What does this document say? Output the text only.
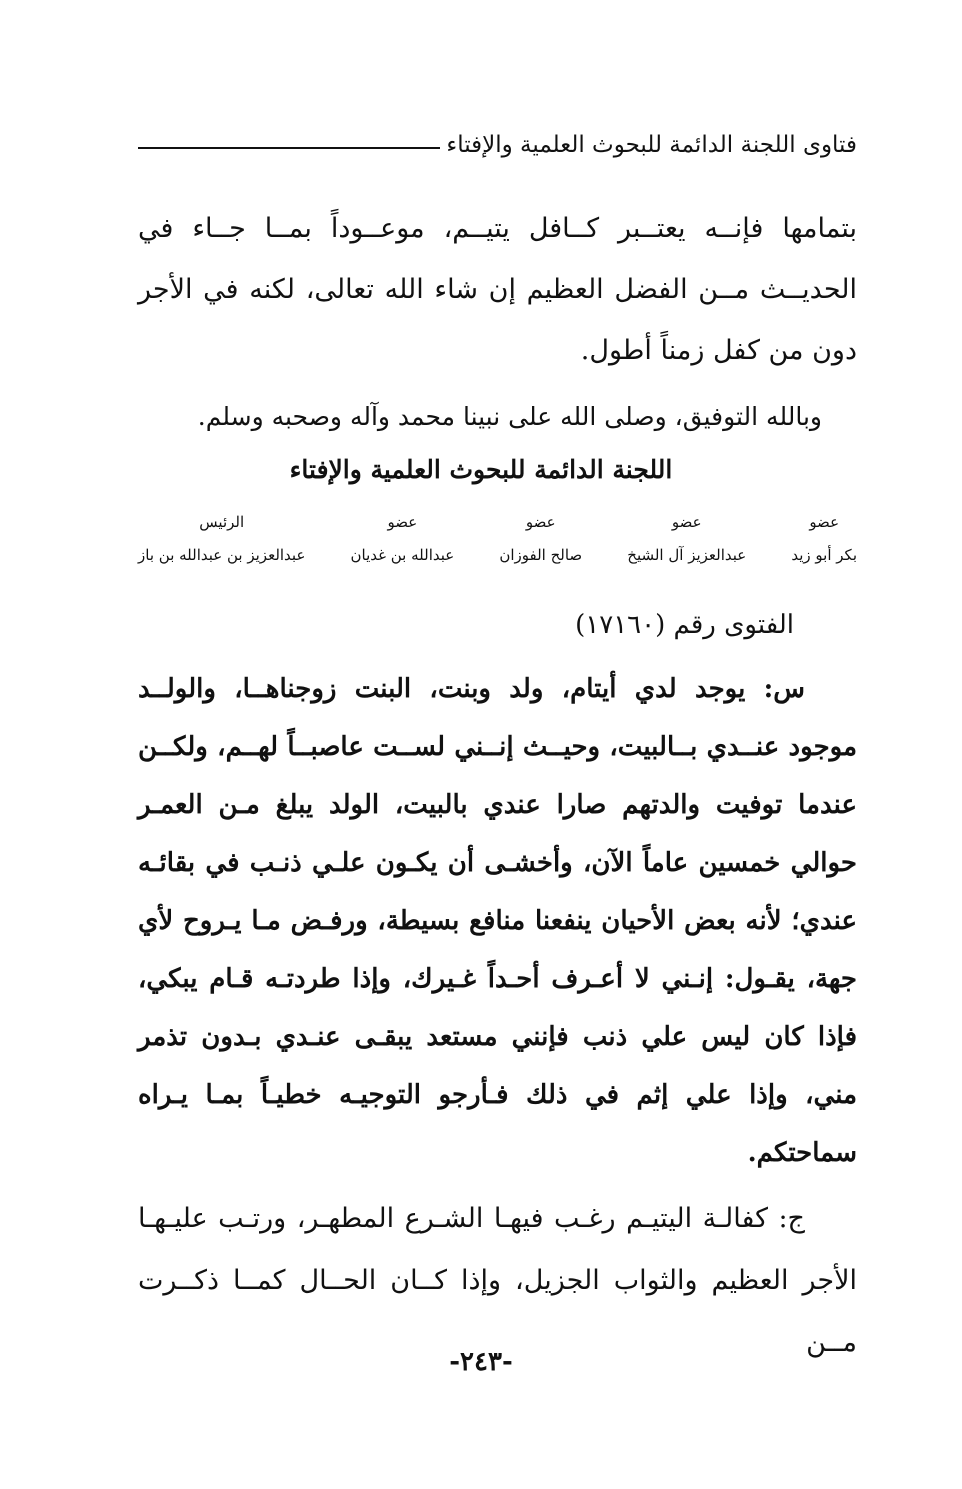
فتاوى اللجنة الدائمة للبحوث العلمية والإفتاء

بتمامها فإنــه يعتــبر كــافل يتيــم، موعــوداً بمــا جــاء في الحديــث مــن الفضل العظيم إن شاء الله تعالى، لكنه في الأجر دون من كفل زمناً أطول.

وبالله التوفيق، وصلى الله على نبينا محمد وآله وصحبه وسلم.

اللجنة الدائمة للبحوث العلمية والإفتاء

عضو
بكر أبو زيد
عضو
عبدالعزيز آل الشيخ
عضو
صالح الفوزان
عضو
عبدالله بن غديان
الرئيس
عبدالعزيز بن عبدالله بن باز

الفتوى رقم (١٧١٦٠)

س: يوجد لدي أيتام، ولد وبنت، البنت زوجناهــا، والولــد موجود عنــدي بــالبيت، وحيــث إنــني لســت عاصبــاً لهــم، ولكــن عندما توفيت والدتهم صارا عندي بالبيت، الولد يبلغ مـن العمـر حوالي خمسين عاماً الآن، وأخشـى أن يكـون علـي ذنـب في بقائـه عندي؛ لأنه بعض الأحيان ينفعنا منافع بسيطة، ورفـض مـا يـروح لأي جهة، يقـول: إنـني لا أعـرف أحـداً غـيرك، وإذا طردتـه قـام يبكي، فإذا كان ليس علي ذنب فإنني مستعد يبقـى عنـدي بـدون تذمر مني، وإذا علي إثم في ذلك فـأرجو التوجيـه خطيـاً بمـا يـراه سماحتكم.

ج: كفالـة اليتيـم رغـب فيهـا الشـرع المطهـر، ورتـب عليـهـا الأجر العظيم والثواب الجزيل، وإذا كــان الحــال كمــا ذكــرت مــن

-٢٤٣-
